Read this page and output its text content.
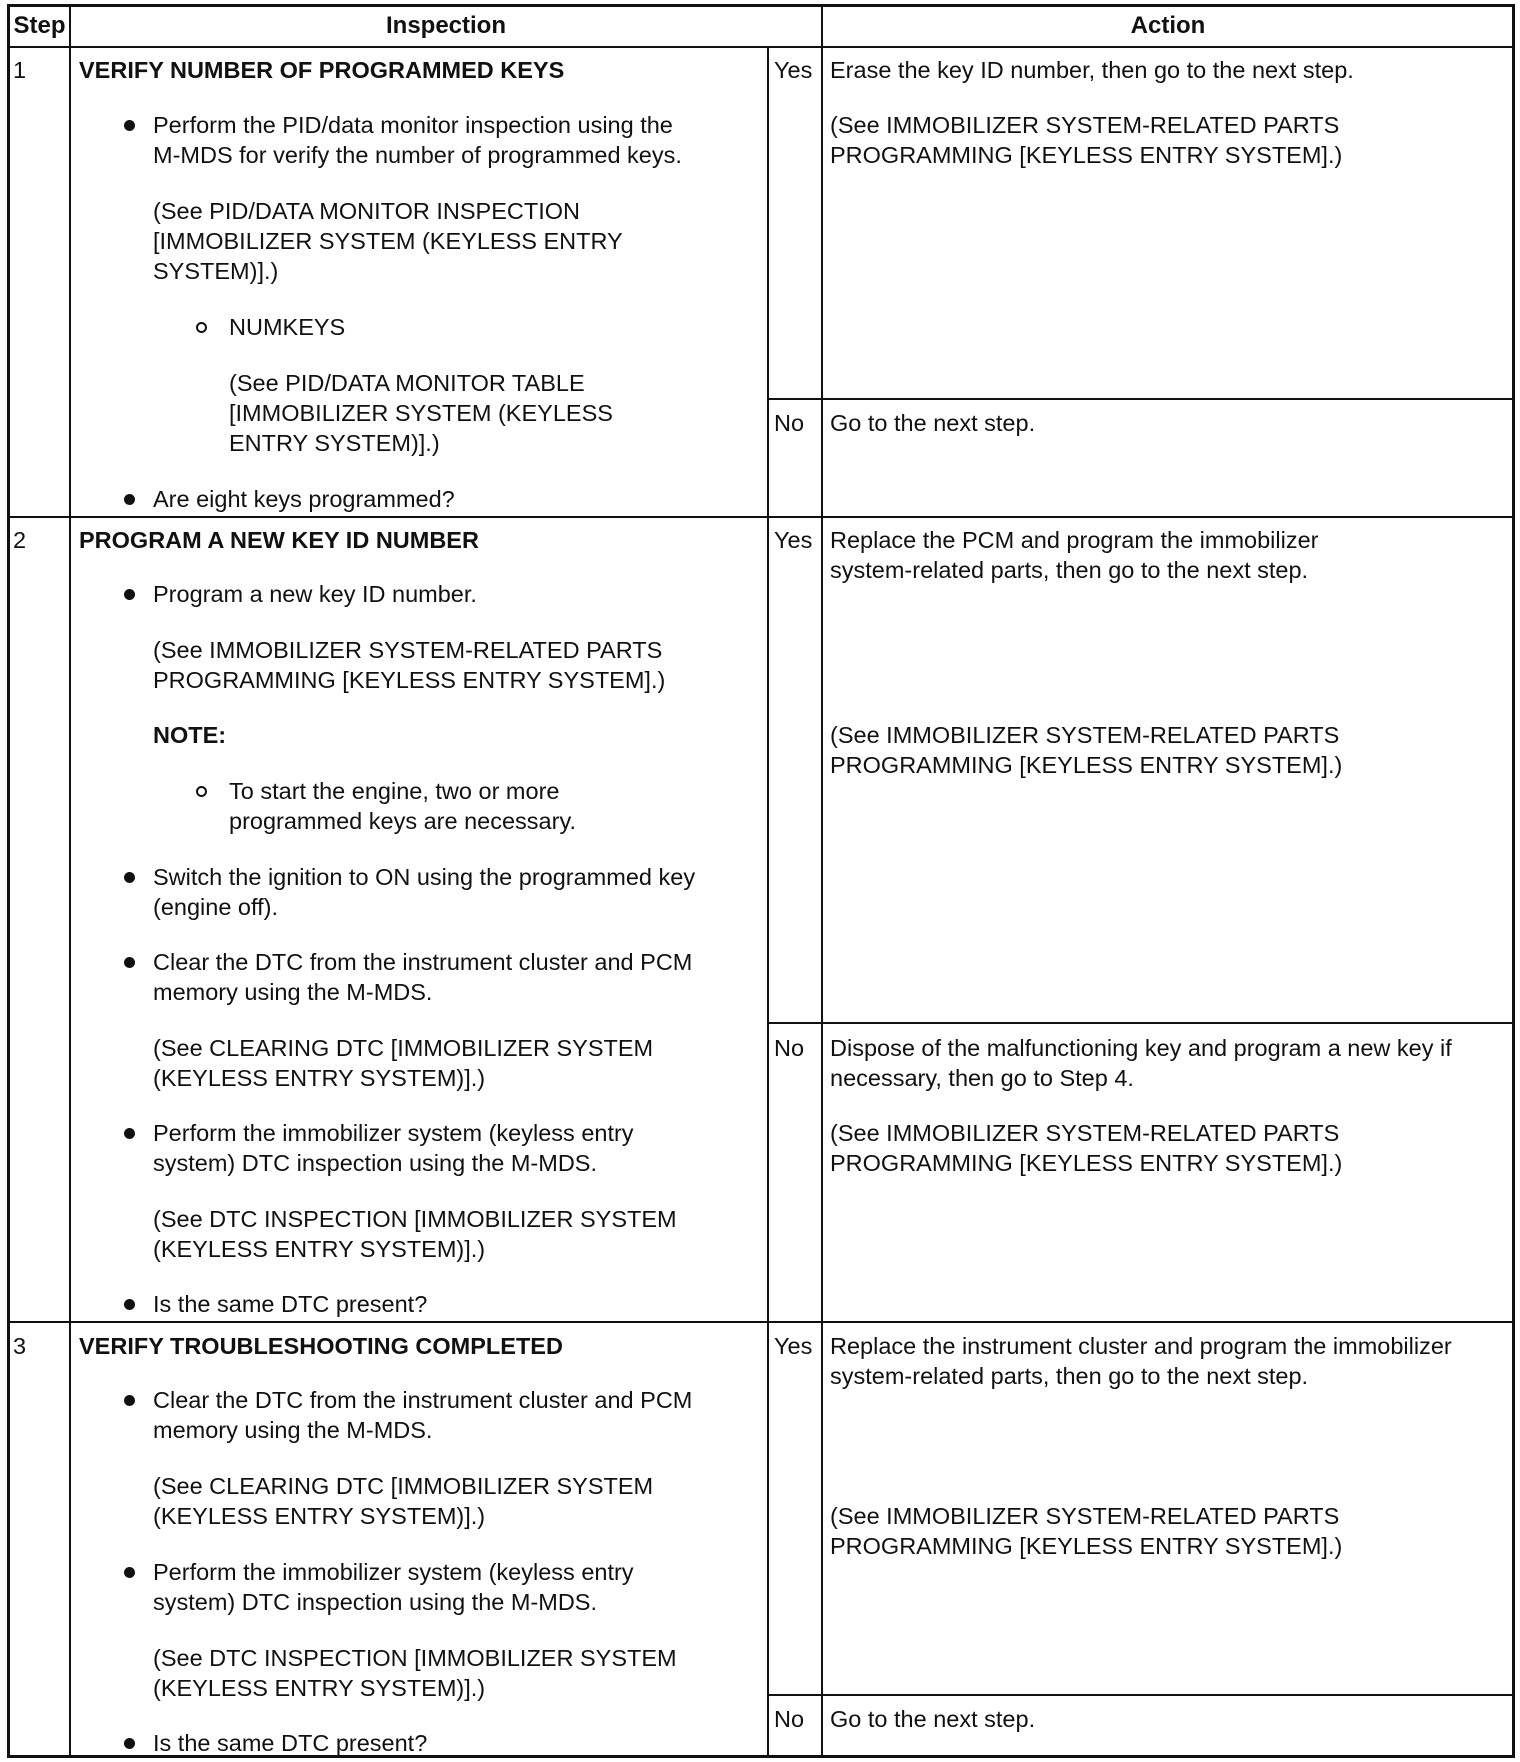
Step	Inspection	Action
1 VERIFY NUMBER OF PROGRAMMED KEYS
Perform the PID/data monitor inspection using the
M-MDS for verify the number of programmed keys.
(See PID/DATA MONITOR INSPECTION
[IMMOBILIZER SYSTEM (KEYLESS ENTRY
SYSTEM)].)
NUMKEYS
(See PID/DATA MONITOR TABLE
[IMMOBILIZER SYSTEM (KEYLESS
ENTRY SYSTEM)].)
Are eight keys programmed?
Yes Erase the key ID number, then go to the next step.
(See IMMOBILIZER SYSTEM-RELATED PARTS
PROGRAMMING [KEYLESS ENTRY SYSTEM].)
No Go to the next step.
2 PROGRAM A NEW KEY ID NUMBER
Program a new key ID number.
(See IMMOBILIZER SYSTEM-RELATED PARTS
PROGRAMMING [KEYLESS ENTRY SYSTEM].)
NOTE:
To start the engine, two or more
programmed keys are necessary.
Switch the ignition to ON using the programmed key
(engine off).
Clear the DTC from the instrument cluster and PCM
memory using the M-MDS.
(See CLEARING DTC [IMMOBILIZER SYSTEM
(KEYLESS ENTRY SYSTEM)].)
Perform the immobilizer system (keyless entry
system) DTC inspection using the M-MDS.
(See DTC INSPECTION [IMMOBILIZER SYSTEM
(KEYLESS ENTRY SYSTEM)].)
Is the same DTC present?
Yes Replace the PCM and program the immobilizer
system-related parts, then go to the next step.
(See IMMOBILIZER SYSTEM-RELATED PARTS
PROGRAMMING [KEYLESS ENTRY SYSTEM].)
No Dispose of the malfunctioning key and program a new key if
necessary, then go to Step 4.
(See IMMOBILIZER SYSTEM-RELATED PARTS
PROGRAMMING [KEYLESS ENTRY SYSTEM].)
3 VERIFY TROUBLESHOOTING COMPLETED
Clear the DTC from the instrument cluster and PCM
memory using the M-MDS.
(See CLEARING DTC [IMMOBILIZER SYSTEM
(KEYLESS ENTRY SYSTEM)].)
Perform the immobilizer system (keyless entry
system) DTC inspection using the M-MDS.
(See DTC INSPECTION [IMMOBILIZER SYSTEM
(KEYLESS ENTRY SYSTEM)].)
Is the same DTC present?
Yes Replace the instrument cluster and program the immobilizer
system-related parts, then go to the next step.
(See IMMOBILIZER SYSTEM-RELATED PARTS
PROGRAMMING [KEYLESS ENTRY SYSTEM].)
No Go to the next step.
